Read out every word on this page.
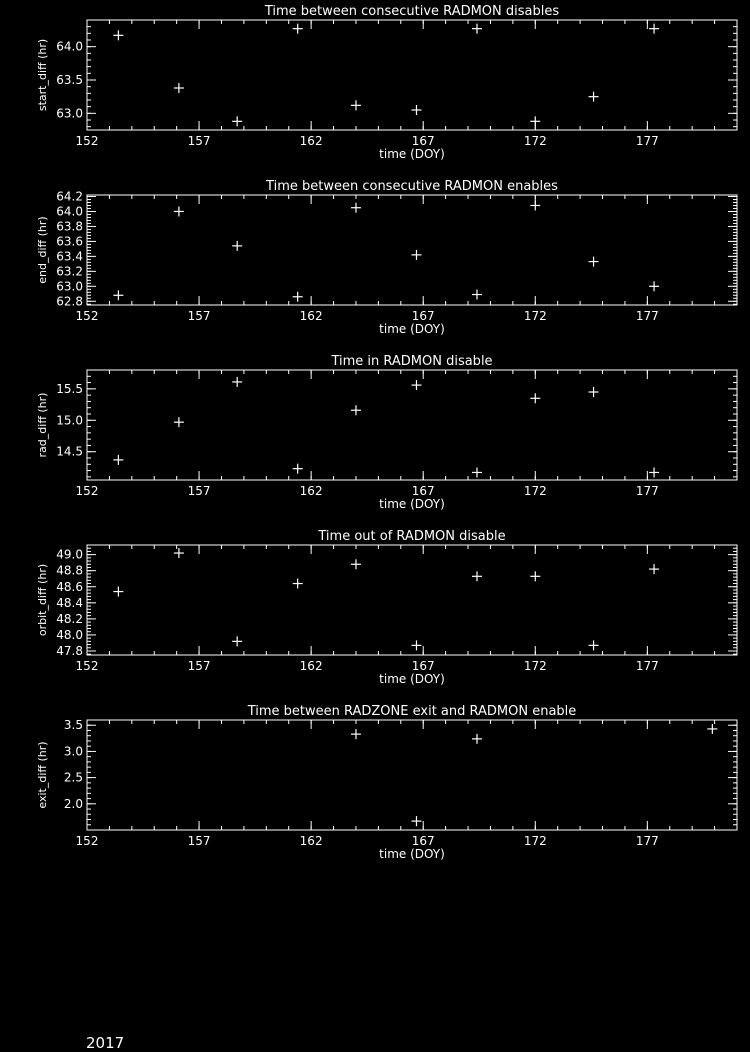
Time between consecutive RADMON disables
152	157	162	167	172	177
time (DOY)
63.0
63.5
64.0
start_diff (hr)
Time between consecutive RADMON enables
152	157	162	167	172	177
time (DOY)
62.8
63.0
63.2
63.4
63.6
63.8
64.0
64.2
end_diff (hr)
Time in RADMON disable
152	157	162	167	172	177
time (DOY)
14.5
15.0
15.5
rad_diff (hr)
Time out of RADMON disable
152	157	162	167	172	177
time (DOY)
47.8
48.0
48.2
48.4
48.6
48.8
49.0
orbit_diff (hr)
Time between RADZONE exit and RADMON enable
152	157	162	167	172	177
time (DOY)
2.0
2.5
3.0
3.5
exit_diff (hr)
2017
